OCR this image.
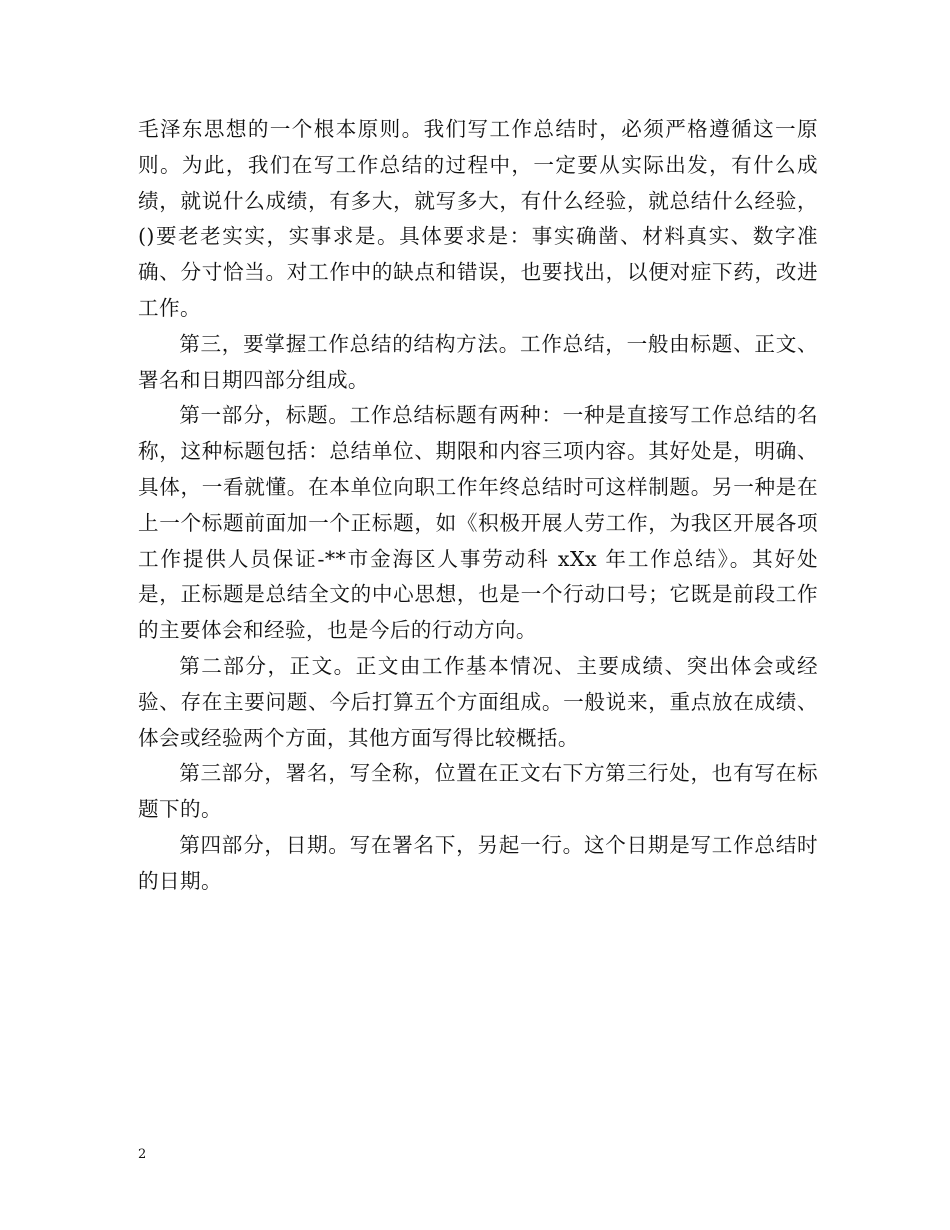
毛泽东思想的一个根本原则。我们写工作总结时，必须严格遵循这一原则。为此，我们在写工作总结的过程中，一定要从实际出发，有什么成绩，就说什么成绩，有多大，就写多大，有什么经验，就总结什么经验，()要老老实实，实事求是。具体要求是：事实确凿、材料真实、数字准确、分寸恰当。对工作中的缺点和错误，也要找出，以便对症下药，改进工作。

第三，要掌握工作总结的结构方法。工作总结，一般由标题、正文、署名和日期四部分组成。

第一部分，标题。工作总结标题有两种：一种是直接写工作总结的名称，这种标题包括：总结单位、期限和内容三项内容。其好处是，明确、具体，一看就懂。在本单位向职工作年终总结时可这样制题。另一种是在上一个标题前面加一个正标题，如《积极开展人劳工作，为我区开展各项工作提供人员保证-**市金海区人事劳动科 xXx 年工作总结》。其好处是，正标题是总结全文的中心思想，也是一个行动口号；它既是前段工作的主要体会和经验，也是今后的行动方向。

第二部分，正文。正文由工作基本情况、主要成绩、突出体会或经验、存在主要问题、今后打算五个方面组成。一般说来，重点放在成绩、体会或经验两个方面，其他方面写得比较概括。

第三部分，署名，写全称，位置在正文右下方第三行处，也有写在标题下的。

第四部分，日期。写在署名下，另起一行。这个日期是写工作总结时的日期。

2
